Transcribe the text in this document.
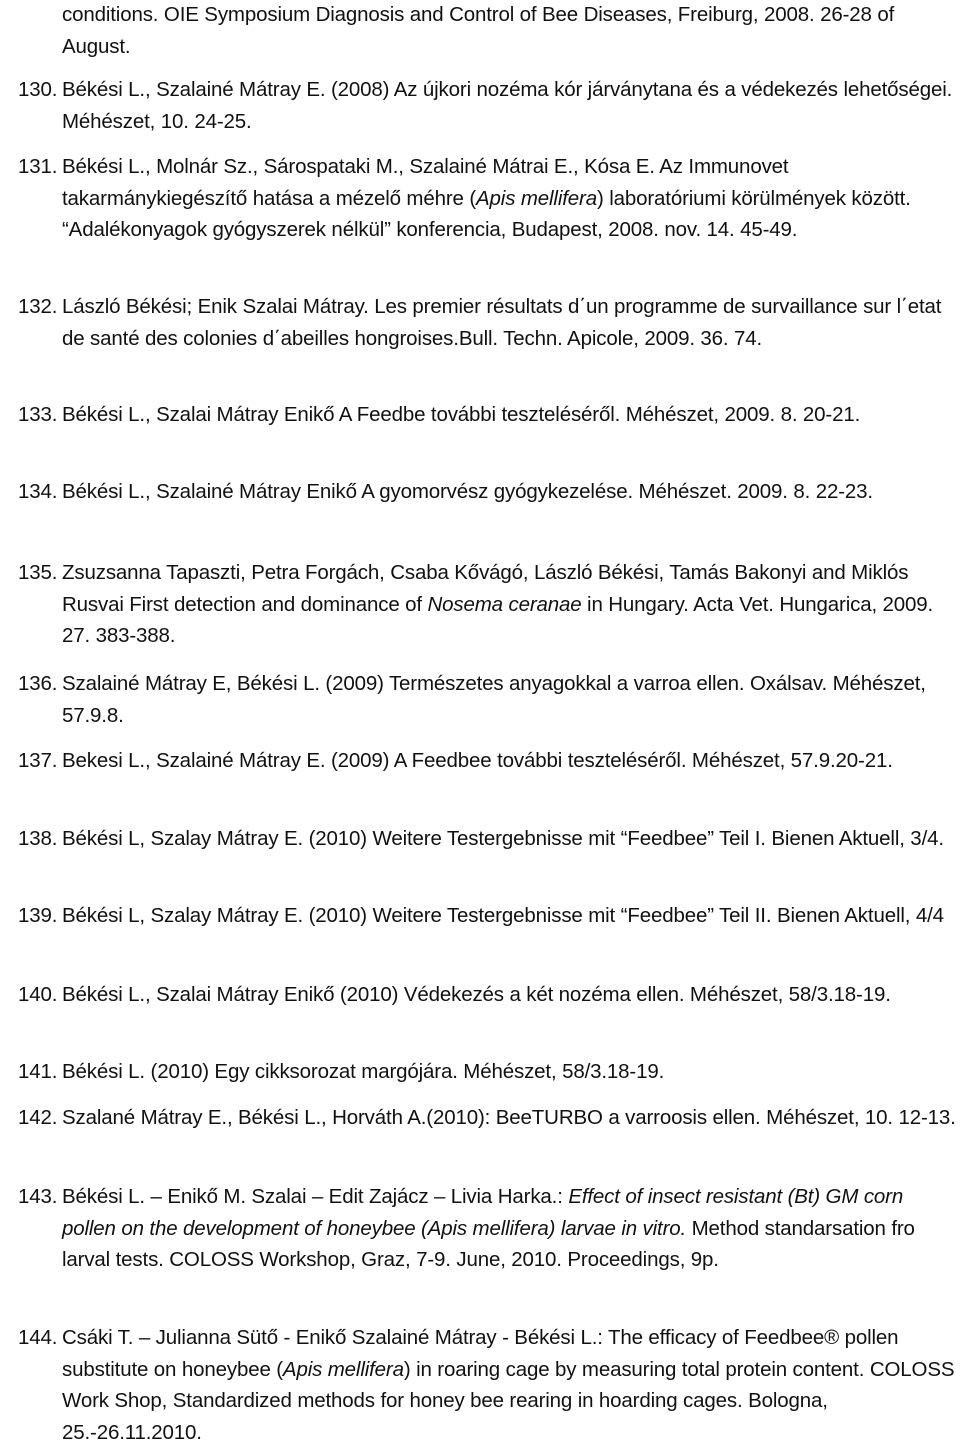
conditions. OIE Symposium Diagnosis and Control of Bee Diseases, Freiburg, 2008. 26-28 of August.
130. Békési L., Szalainé Mátray E. (2008) Az újkori nozéma kór járványtana és a védekezés lehetőségei. Méhészet, 10. 24-25.
131. Békési L., Molnár Sz., Sárospataki M., Szalainé Mátrai E., Kósa E. Az Immunovet takarmánykiegészítő hatása a mézelő méhre (Apis mellifera) laboratóriumi körülmények között. “Adalékonyagok gyógyszerek nélkül” konferencia, Budapest, 2008. nov. 14. 45-49.
132. László Békési; Enik Szalai Mátray. Les premier résultats d΄un programme de survaillance sur l΄etat de santé des colonies d΄abeilles hongroises.Bull. Techn. Apicole, 2009. 36. 74.
133. Békési L., Szalai Mátray Enikő A Feedbe további teszteléséről. Méhészet, 2009. 8. 20-21.
134. Békési L., Szalainé Mátray Enikő A gyomorvész gyógykezelése. Méhészet. 2009. 8. 22-23.
135. Zsuzsanna Tapaszti, Petra Forgách, Csaba Kővágó, László Békési, Tamás Bakonyi and Miklós Rusvai First detection and dominance of Nosema ceranae in Hungary. Acta Vet. Hungarica, 2009. 27. 383-388.
136. Szalainé Mátray E, Békési L. (2009) Természetes anyagokkal a varroa ellen. Oxálsav. Méhészet, 57.9.8.
137. Bekesi L., Szalainé Mátray E. (2009) A Feedbee további teszteléséről. Méhészet, 57.9.20-21.
138. Békési L, Szalay Mátray E. (2010) Weitere Testergebnisse mit “Feedbee” Teil I. Bienen Aktuell, 3/4.
139. Békési L, Szalay Mátray E. (2010) Weitere Testergebnisse mit “Feedbee” Teil II. Bienen Aktuell, 4/4
140. Békési L., Szalai Mátray Enikő (2010) Védekezés a két nozéma ellen. Méhészet, 58/3.18-19.
141. Békési L. (2010) Egy cikksorozat margójára. Méhészet, 58/3.18-19.
142. Szalané Mátray E., Békési L., Horváth A.(2010): BeeTURBO a varroosis ellen. Méhészet, 10. 12-13.
143. Békési L. – Enikő M. Szalai – Edit Zajácz – Livia Harka.: Effect of insect resistant (Bt) GM corn pollen on the development of honeybee (Apis mellifera) larvae in vitro. Method standarsation fro larval tests. COLOSS Workshop, Graz, 7-9. June, 2010. Proceedings, 9p.
144. Csáki T. – Julianna Sütő - Enikő Szalainé Mátray - Békési L.: The efficacy of Feedbee® pollen substitute on honeybee (Apis mellifera) in roaring cage by measuring total protein content. COLOSS Work Shop, Standardized methods for honey bee rearing in hoarding cages. Bologna, 25.-26.11.2010.
